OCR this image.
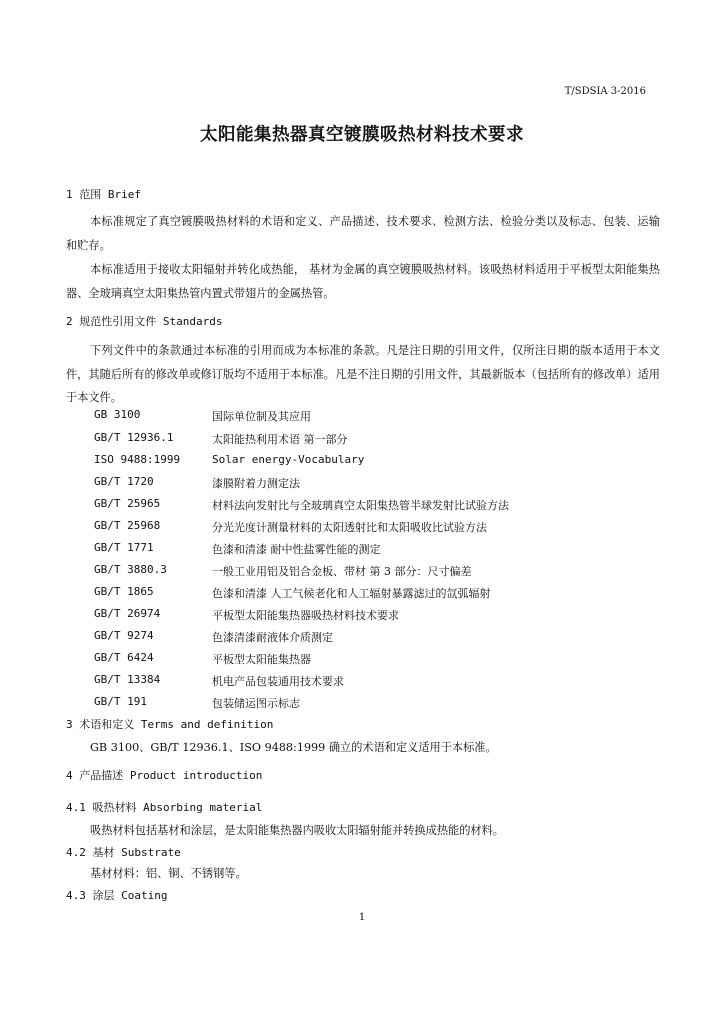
T/SDSIA 3-2016
太阳能集热器真空镀膜吸热材料技术要求
1 范围 Brief
本标准规定了真空镀膜吸热材料的术语和定义、产品描述、技术要求、检测方法、检验分类以及标志、包装、运输和贮存。
本标准适用于接收太阳辐射并转化成热能， 基材为金属的真空镀膜吸热材料。该吸热材料适用于平板型太阳能集热器、全玻璃真空太阳集热管内置式带翅片的金属热管。
2 规范性引用文件 Standards
下列文件中的条款通过本标准的引用而成为本标准的条款。凡是注日期的引用文件，仅所注日期的版本适用于本文件，其随后所有的修改单或修订版均不适用于本标准。凡是不注日期的引用文件，其最新版本（包括所有的修改单）适用于本文件。
GB 3100	国际单位制及其应用
GB/T 12936.1	太阳能热利用术语 第一部分
ISO 9488:1999	Solar energy-Vocabulary
GB/T 1720	漆膜附着力测定法
GB/T 25965	材料法向发射比与全玻璃真空太阳集热管半球发射比试验方法
GB/T 25968	分光光度计测量材料的太阳透射比和太阳吸收比试验方法
GB/T 1771	色漆和清漆 耐中性盐雾性能的测定
GB/T 3880.3	一般工业用铝及铝合金板、带材 第 3 部分：尺寸偏差
GB/T 1865	色漆和清漆 人工气候老化和人工辐射暴露滤过的氙弧辐射
GB/T 26974	平板型太阳能集热器吸热材料技术要求
GB/T 9274	色漆清漆耐液体介质测定
GB/T 6424	平板型太阳能集热器
GB/T 13384	机电产品包装通用技术要求
GB/T 191	包装储运图示标志
3 术语和定义 Terms and definition
GB 3100、GB/T 12936.1、ISO 9488:1999 确立的术语和定义适用于本标准。
4 产品描述 Product introduction
4.1 吸热材料 Absorbing material
吸热材料包括基材和涂层，是太阳能集热器内吸收太阳辐射能并转换成热能的材料。
4.2 基材 Substrate
基材材料：铝、铜、不锈钢等。
4.3 涂层 Coating
1
